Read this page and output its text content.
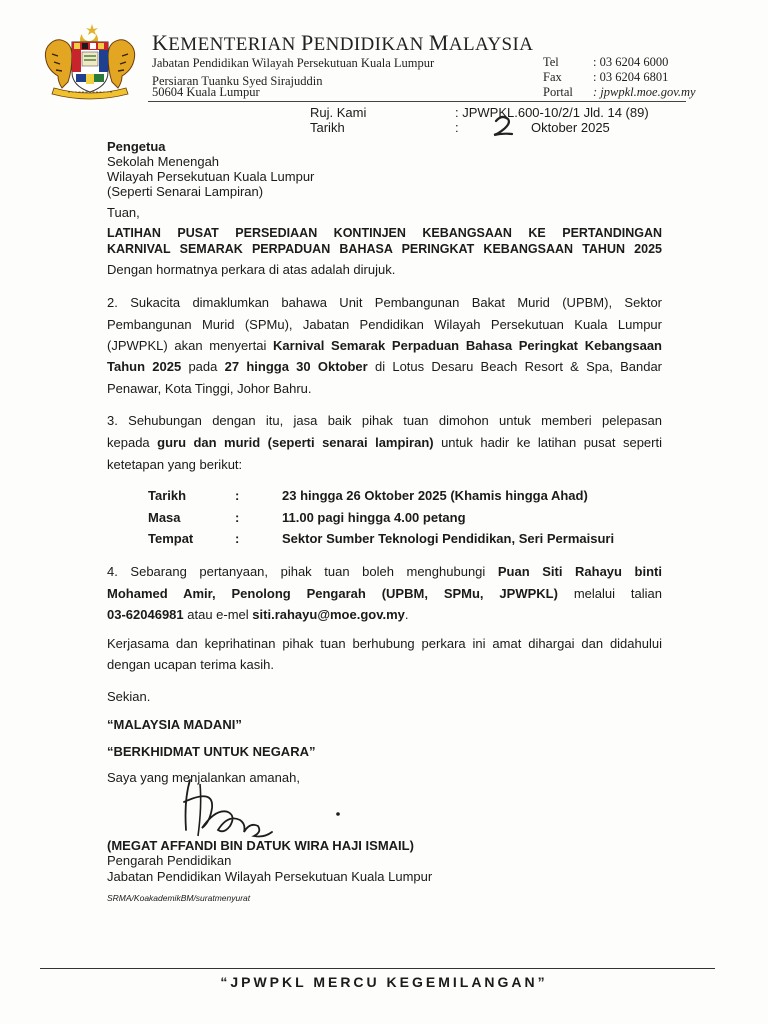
KEMENTERIAN PENDIDIKAN MALAYSIA
Jabatan Pendidikan Wilayah Persekutuan Kuala Lumpur
Persiaran Tuanku Syed Sirajuddin
50604 Kuala Lumpur
Tel	: 03 6204 6000
Fax	: 03 6204 6801
Portal : jpwpkl.moe.gov.my
Ruj. Kami	: JPWPKL.600-10/2/1 Jld. 14 (89)
Tarikh	:	Oktober 2025
Pengetua
Sekolah Menengah
Wilayah Persekutuan Kuala Lumpur
(Seperti Senarai Lampiran)
Tuan,
LATIHAN PUSAT PERSEDIAAN KONTINJEN KEBANGSAAN KE PERTANDINGAN
KARNIVAL SEMARAK PERPADUAN BAHASA PERINGKAT KEBANGSAAN TAHUN 2025
Dengan hormatnya perkara di atas adalah dirujuk.
2. Sukacita dimaklumkan bahawa Unit Pembangunan Bakat Murid (UPBM), Sektor
Pembangunan Murid (SPMu), Jabatan Pendidikan Wilayah Persekutuan Kuala Lumpur
(JPWPKL) akan menyertai Karnival Semarak Perpaduan Bahasa Peringkat Kebangsaan
Tahun 2025 pada 27 hingga 30 Oktober di Lotus Desaru Beach Resort & Spa, Bandar
Penawar, Kota Tinggi, Johor Bahru.
3. Sehubungan dengan itu, jasa baik pihak tuan dimohon untuk memberi pelepasan
kepada guru dan murid (seperti senarai lampiran) untuk hadir ke latihan pusat seperti
ketetapan yang berikut:
Tarikh	:	23 hingga 26 Oktober 2025 (Khamis hingga Ahad)
Masa	:	11.00 pagi hingga 4.00 petang
Tempat	:	Sektor Sumber Teknologi Pendidikan, Seri Permaisuri
4. Sebarang pertanyaan, pihak tuan boleh menghubungi Puan Siti Rahayu binti
Mohamed Amir, Penolong Pengarah (UPBM, SPMu, JPWPKL) melalui talian
03-62046981 atau e-mel siti.rahayu@moe.gov.my.
Kerjasama dan keprihatinan pihak tuan berhubung perkara ini amat dihargai dan didahului
dengan ucapan terima kasih.
Sekian.
“MALAYSIA MADANI”
“BERKHIDMAT UNTUK NEGARA”
Saya yang menjalankan amanah,
(MEGAT AFFANDI BIN DATUK WIRA HAJI ISMAIL)
Pengarah Pendidikan
Jabatan Pendidikan Wilayah Persekutuan Kuala Lumpur
SRMA/KoakademikBM/suratmenyurat
“JPWPKL MERCU KEGEMILANGAN”
